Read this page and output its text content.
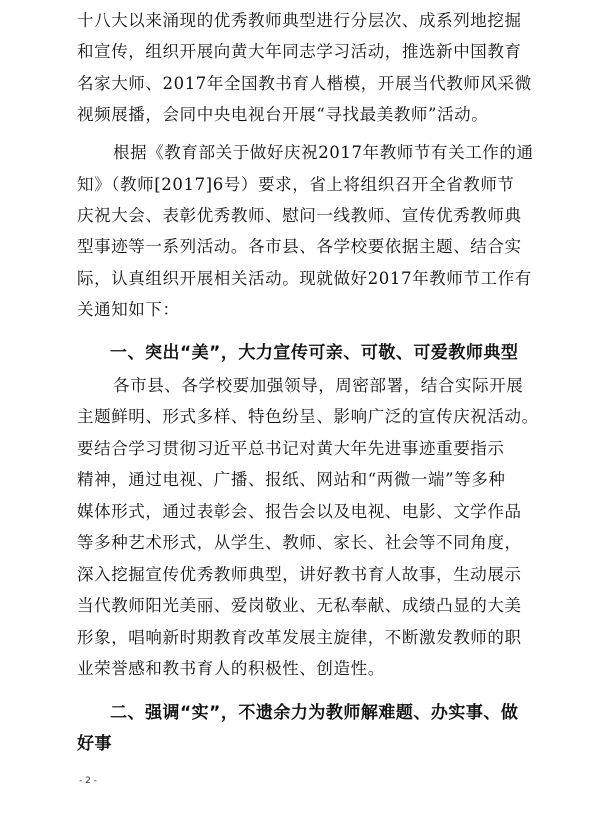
十八大以来涌现的优秀教师典型进行分层次、成系列地挖掘
和宣传，组织开展向黄大年同志学习活动，推选新中国教育
名家大师、2017年全国教书育人楷模，开展当代教师风采微
视频展播，会同中央电视台开展“寻找最美教师”活动。
根据《教育部关于做好庆祝2017年教师节有关工作的通
知》（教师[2017]6号）要求，省上将组织召开全省教师节
庆祝大会、表彰优秀教师、慰问一线教师、宣传优秀教师典
型事迹等一系列活动。各市县、各学校要依据主题、结合实
际，认真组织开展相关活动。现就做好2017年教师节工作有
关通知如下：
一、突出“美”，大力宣传可亲、可敬、可爱教师典型
各市县、各学校要加强领导，周密部署，结合实际开展
主题鲜明、形式多样、特色纷呈、影响广泛的宣传庆祝活动。
要结合学习贯彻习近平总书记对黄大年先进事迹重要指示
精神，通过电视、广播、报纸、网站和“两微一端”等多种
媒体形式，通过表彰会、报告会以及电视、电影、文学作品
等多种艺术形式，从学生、教师、家长、社会等不同角度，
深入挖掘宣传优秀教师典型，讲好教书育人故事，生动展示
当代教师阳光美丽、爱岗敬业、无私奉献、成绩凸显的大美
形象，唱响新时期教育改革发展主旋律，不断激发教师的职
业荣誉感和教书育人的积极性、创造性。
二、强调“实”，不遗余力为教师解难题、办实事、做
好事
- 2 -
